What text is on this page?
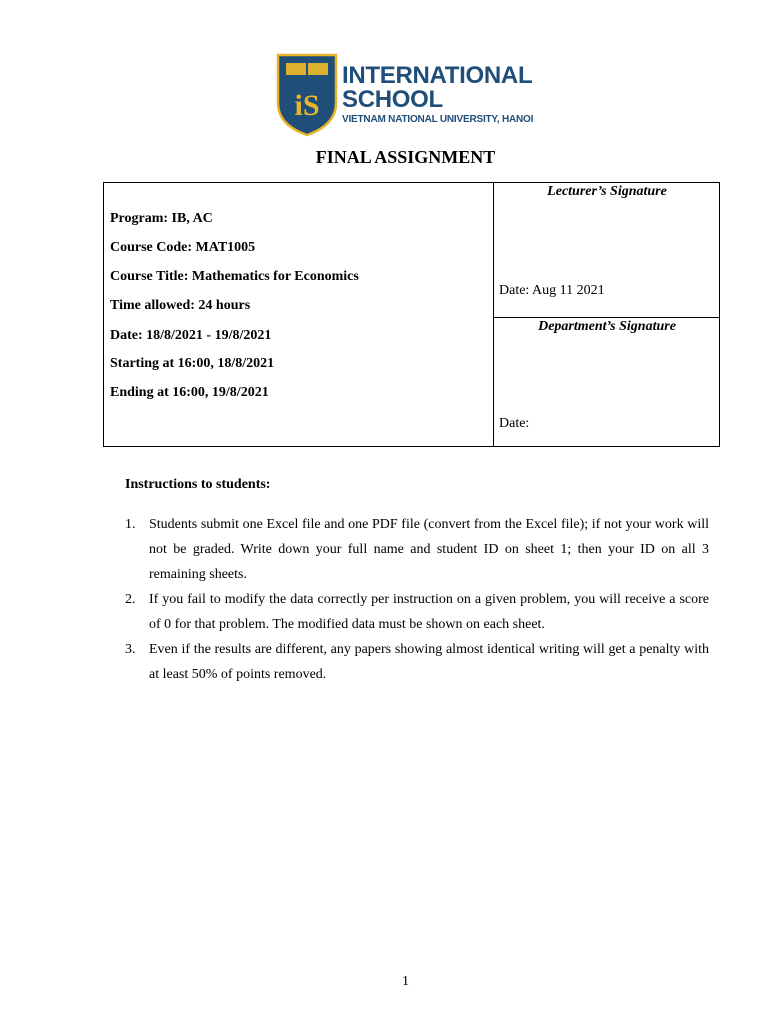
iS
INTERNATIONAL
SCHOOL
VIETNAM NATIONAL UNIVERSITY, HANOI
FINAL ASSIGNMENT
Program: IB, AC
Course Code: MAT1005
Course Title: Mathematics for Economics
Time allowed: 24 hours
Date: 18/8/2021 - 19/8/2021
Starting at 16:00, 18/8/2021
Ending at 16:00, 19/8/2021
Lecturer’s Signature
Date: Aug 11 2021
Department’s Signature
Date:
Instructions to students:
1. Students submit one Excel file and one PDF file (convert from the Excel file); if not your work will not be graded. Write down your full name and student ID on sheet 1; then your ID on all 3 remaining sheets.
2. If you fail to modify the data correctly per instruction on a given problem, you will receive a score of 0 for that problem. The modified data must be shown on each sheet.
3. Even if the results are different, any papers showing almost identical writing will get a penalty with at least 50% of points removed.
1
